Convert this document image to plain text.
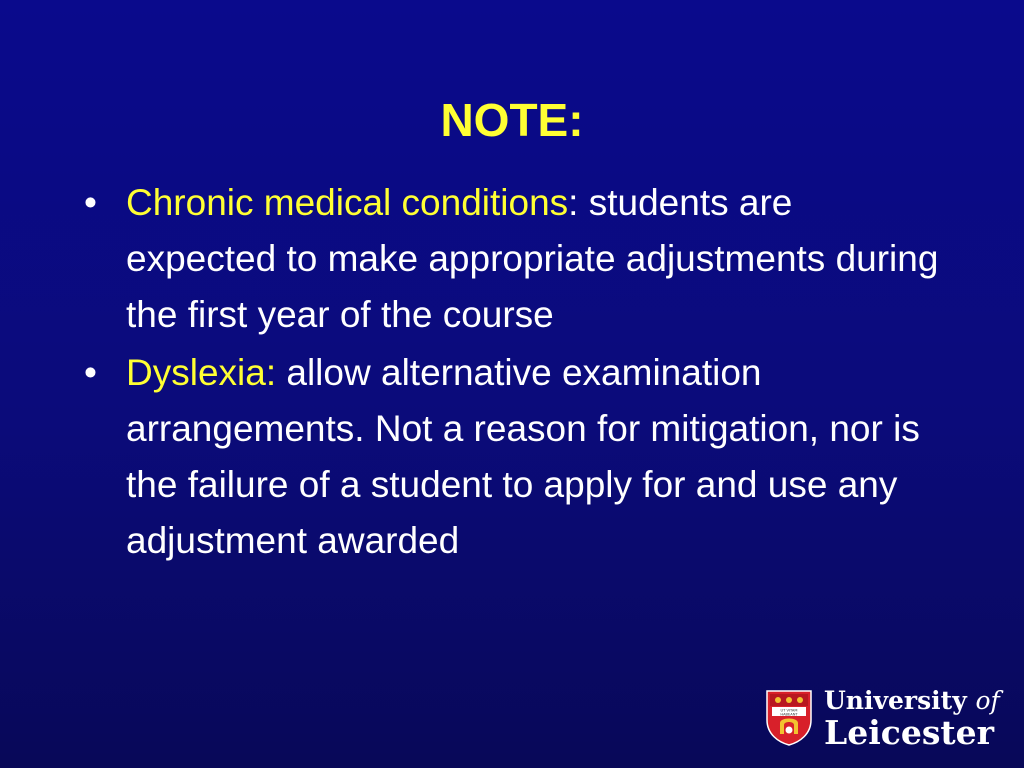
NOTE:
• Chronic medical conditions: students are expected to make appropriate adjustments during the first year of the course
• Dyslexia: allow alternative examination arrangements. Not a reason for mitigation, nor is the failure of a student to apply for and use any adjustment awarded
UT VITAM
HABEANT University of
Leicester
